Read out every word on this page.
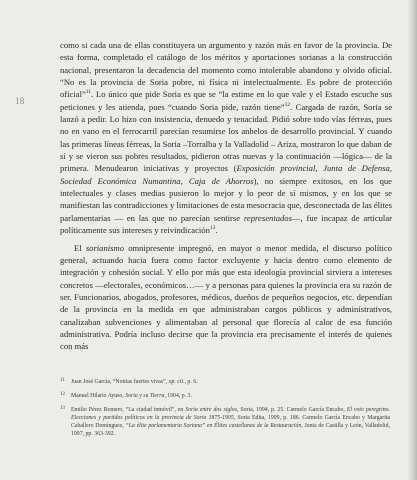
18

como si cada una de ellas constituyera un argumento y razón más en favor de la provincia. De esta forma, completado el catálogo de los méritos y aportaciones sorianas a la construcción nacional, presentaron la decadencia del momento como intolerable abandono y olvido oficial. “No es la provincia de Soria pobre, ni física ni intelectualmente. Es pobre de protección oficial”$^{11}$. Lo único que pide Soria es que se “la estime en lo que vale y el Estado escuche sus peticiones y les atienda, pues “cuando Soria pide, razón tiene”$^{12}$. Cargada de razón, Soria se lanzó a pedir. Lo hizo con insistencia, denuedo y tenacidad. Pidió sobre todo vías férreas, pues no en vano en el ferrocarril parecían resumirse los anhelos de desarrollo provincial. Y cuando las primeras líneas férreas, la Soria –Torralba y la Valladolid – Ariza, mostraron lo que daban de sí y se vieron sus pobres resultados, pidieron otras nuevas y la continuación —lógica— de la primera. Menudearon iniciativas y proyectos (Exposición provincial, Junta de Defensa, Sociedad Económica Numantina, Caja de Ahorros), no siempre exitosos, en los que intelectuales y clases medias pusieron lo mejor y lo peor de sí mismos, y en los que se manifiestan las contradicciones y limitaciones de esta mesocracia que, desconectada de las élites parlamentarias — en las que no parecían sentirse representados—, fue incapaz de articular políticamente sus intereses y reivindicación$^{13}$.

El sorianismo omnipresente impregnó, en mayor o menor medida, el discurso político general, actuando hacia fuera como factor excluyente y hacia dentro como elemento de integración y cohesión social. Y ello por más que esta ideología provincial sirviera a intereses concretos —electorales, económicos…— y a personas para quienes la provincia era su razón de ser. Funcionarios, abogados, profesores, médicos, dueños de pequeños negocios, etc. dependían de la provincia en la medida en que administraban cargos públicos y administrativos, canalizaban subvenciones y alimentaban al personal que florecía al calor de esa función administrativa. Podría incluso decirse que la provincia era precisamente el interés de quienes con más

11	Juan José García, “Notitas fuertes vivas”, op. cit., p. 6.
12	Manuel Hilario Ayuso, Soria y su Tierra, 1904, p. 3.
13	Emilio Pérez Romero, “La ciudad inmóvil”, en Soria entre dos siglos, Soria, 1994, p. 25. Carmelo García Encabo, El voto peregrino. Elecciones y partidos políticos en la provincia de Soria 1875-1905, Soria Edita, 1999, p. 186. Carmelo García Encabo y Margarita Caballero Domínguez, “La élite parlamentaria Soriana” en Élites castellanas de la Restauración, Junta de Castilla y León, Valladolid, 1997, pp. 363-392.
